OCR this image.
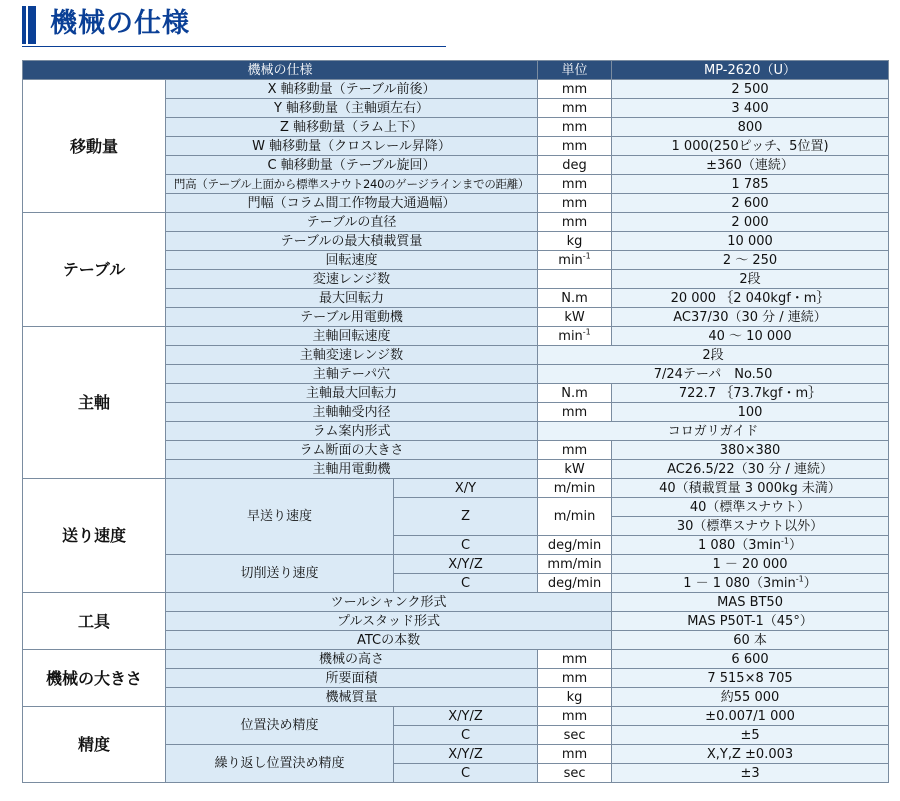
機械の仕様
機械の仕様			単位	MP-2620（U）
移動量	X 軸移動量（テーブル前後）		mm	2 500
	Y 軸移動量（主軸頭左右）		mm	3 400
	Z 軸移動量（ラム上下）		mm	800
	W 軸移動量（クロスレール昇降）		mm	1 000(250ピッチ、5位置)
	C 軸移動量（テーブル旋回）		deg	±360（連続）
	門高（テーブル上面から標準スナウト240のゲージラインまでの距離）		mm	1 785
	門幅（コラム間工作物最大通過幅）		mm	2 600
テーブル	テーブルの直径		mm	2 000
	テーブルの最大積載質量		kg	10 000
	回転速度		$\min^{-1}$	2 ～ 250
	変速レンジ数			2段
	最大回転力		N.m	20 000 ｛2 040kgf・m｝
	テーブル用電動機		kW	AC37/30（30 分 / 連続）
主軸	主軸回転速度		$\min^{-1}$	40 ～ 10 000
	主軸変速レンジ数		2段	
	主軸テーパ穴		7/24テーパ　No.50	
	主軸最大回転力		N.m	722.7 ｛73.7kgf・m｝
	主軸軸受内径		mm	100
	ラム案内形式		コロガリガイド	
	ラム断面の大きさ		mm	380×380
	主軸用電動機		kW	AC26.5/22（30 分 / 連続）
送り速度	早送り速度	X/Y	m/min	40（積載質量 3 000kg 未満）
		Z	m/min	40（標準スナウト）
				30（標準スナウト以外）
		C	deg/min	1 $080(3\min^{-1})$
	切削送り速度	X/Y/Z	mm/min	1 － 20 000
		C	deg/min	1 － 1 $080(3\min^{-1})$
工具	ツールシャンク形式			MAS BT50
	プルスタッド形式			MAS P50T-1（45°）
	ATCの本数			60 本
機械の大きさ	機械の高さ		mm	6 600
	所要面積		mm	7 515×8 705
	機械質量		kg	約55 000
精度	位置決め精度	X/Y/Z	mm	±0.007/1 000
		C	sec	±5
	繰り返し位置決め精度	X/Y/Z	mm	X,Y,Z ±0.003
		C	sec	±3
